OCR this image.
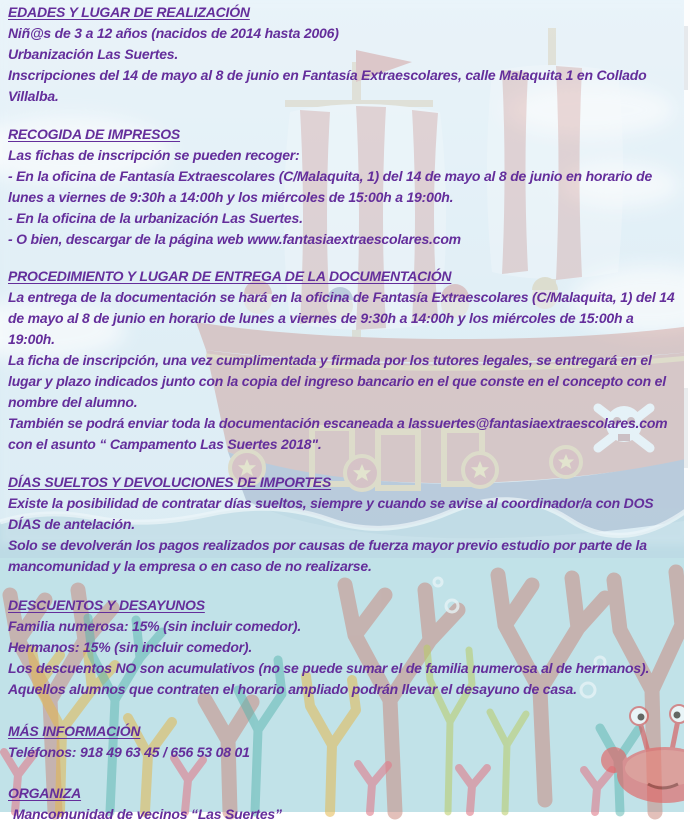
EDADES Y LUGAR DE REALIZACIÓN

Niñ@s de 3 a 12 años (nacidos de 2014 hasta 2006)

Urbanización Las Suertes.

Inscripciones del 14 de mayo al 8 de junio en Fantasía Extraescolares, calle Malaquita 1 en Collado Villalba.

RECOGIDA DE IMPRESOS

Las fichas de inscripción se pueden recoger:

- En la oficina de Fantasía Extraescolares (C/Malaquita, 1) del 14 de mayo al 8 de junio en horario de lunes a viernes de 9:30h a 14:00h y los miércoles de 15:00h a 19:00h.

- En la oficina de la urbanización Las Suertes.

- O bien, descargar de la página web www.fantasiaextraescolares.com

PROCEDIMIENTO Y LUGAR DE ENTREGA DE LA DOCUMENTACIÓN

La entrega de la documentación se hará en la oficina de Fantasía Extraescolares (C/Malaquita, 1) del 14 de mayo al 8 de junio en horario de lunes a viernes de 9:30h a 14:00h y los miércoles de 15:00h a 19:00h.

La ficha de inscripción, una vez cumplimentada y firmada por los tutores legales, se entregará en el lugar y plazo indicados junto con la copia del ingreso bancario en el que conste en el concepto con el nombre del alumno.

También se podrá enviar toda la documentación escaneada a lassuertes@fantasiaextraescolares.com con el asunto “ Campamento Las Suertes 2018".

DÍAS SUELTOS Y DEVOLUCIONES DE IMPORTES

Existe la posibilidad de contratar días sueltos, siempre y cuando se avise al coordinador/a con DOS DÍAS de antelación.

Solo se devolverán los pagos realizados por causas de fuerza mayor previo estudio por parte de la mancomunidad y la empresa o en caso de no realizarse.

DESCUENTOS Y DESAYUNOS

Familia numerosa: 15% (sin incluir comedor).

Hermanos: 15% (sin incluir comedor).

Los descuentos NO son acumulativos (no se puede sumar el de familia numerosa al de hermanos).

Aquellos alumnos que contraten el horario ampliado podrán llevar el desayuno de casa.

MÁS INFORMACIÓN

Teléfonos: 918 49 63 45 / 656 53 08 01

ORGANIZA

Mancomunidad de vecinos “Las Suertes”
